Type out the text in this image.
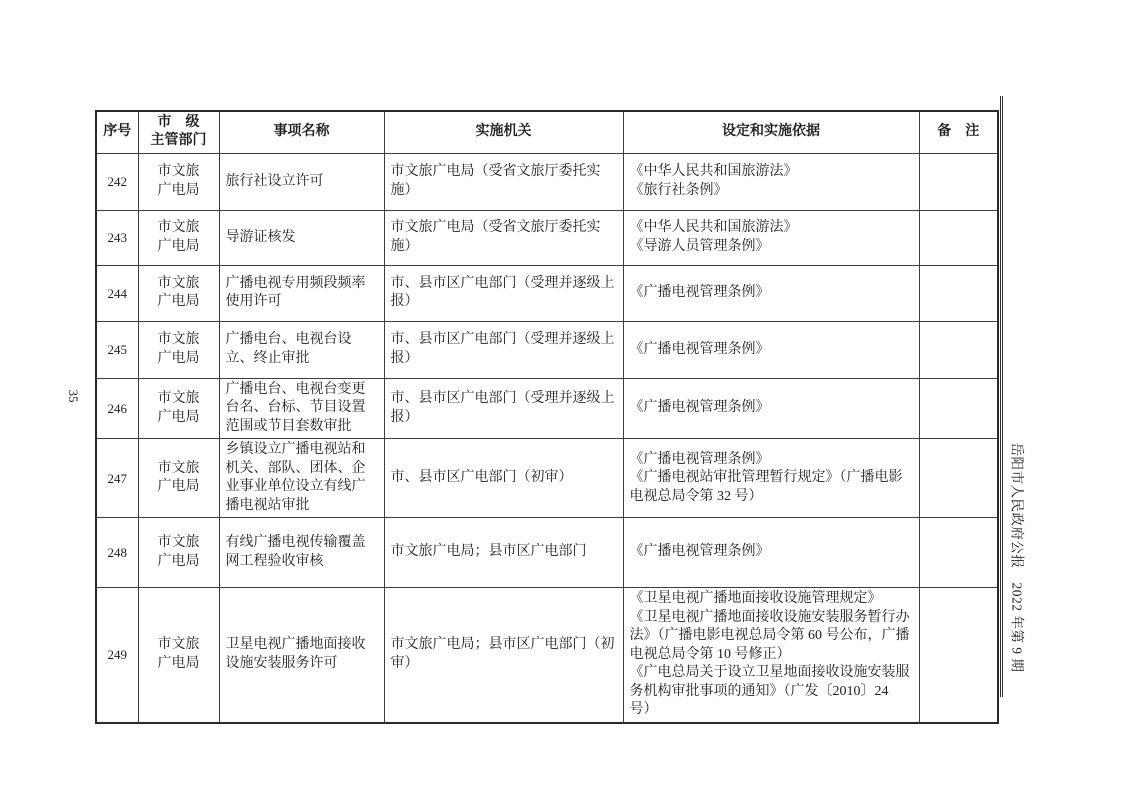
35
序号	市　级
主管部门	事项名称	实施机关	设定和实施依据	备　注
242	市文旅广电局	旅行社设立许可	市文旅广电局（受省文旅厅委托实施）	《中华人民共和国旅游法》
《旅行社条例》	

243	市文旅广电局	导游证核发	市文旅广电局（受省文旅厅委托实施）	《中华人民共和国旅游法》
《导游人员管理条例》	

244	市文旅广电局	广播电视专用频段频率使用许可	市、县市区广电部门（受理并逐级上报）	《广播电视管理条例》	

245	市文旅广电局	广播电台、电视台设立、终止审批	市、县市区广电部门（受理并逐级上报）	《广播电视管理条例》	

246	市文旅广电局	广播电台、电视台变更台名、台标、节目设置范围或节目套数审批	市、县市区广电部门（受理并逐级上报）	《广播电视管理条例》	

247	市文旅广电局	乡镇设立广播电视站和机关、部队、团体、企业事业单位设立有线广播电视站审批	市、县市区广电部门（初审）	《广播电视管理条例》
《广播电视站审批管理暂行规定》（广播电影电视总局令第 32 号）	

248	市文旅广电局	有线广播电视传输覆盖网工程验收审核	市文旅广电局；县市区广电部门	《广播电视管理条例》	

249	市文旅广电局	卫星电视广播地面接收设施安装服务许可	市文旅广电局；县市区广电部门（初审）	《卫星电视广播地面接收设施管理规定》
《卫星电视广播地面接收设施安装服务暂行办法》（广播电影电视总局令第 60 号公布，广播电视总局令第 10 号修正）
《广电总局关于设立卫星地面接收设施安装服务机构审批事项的通知》（广发〔2010〕24 号）	

岳阳市人民政府公报　2022 年第 9 期
